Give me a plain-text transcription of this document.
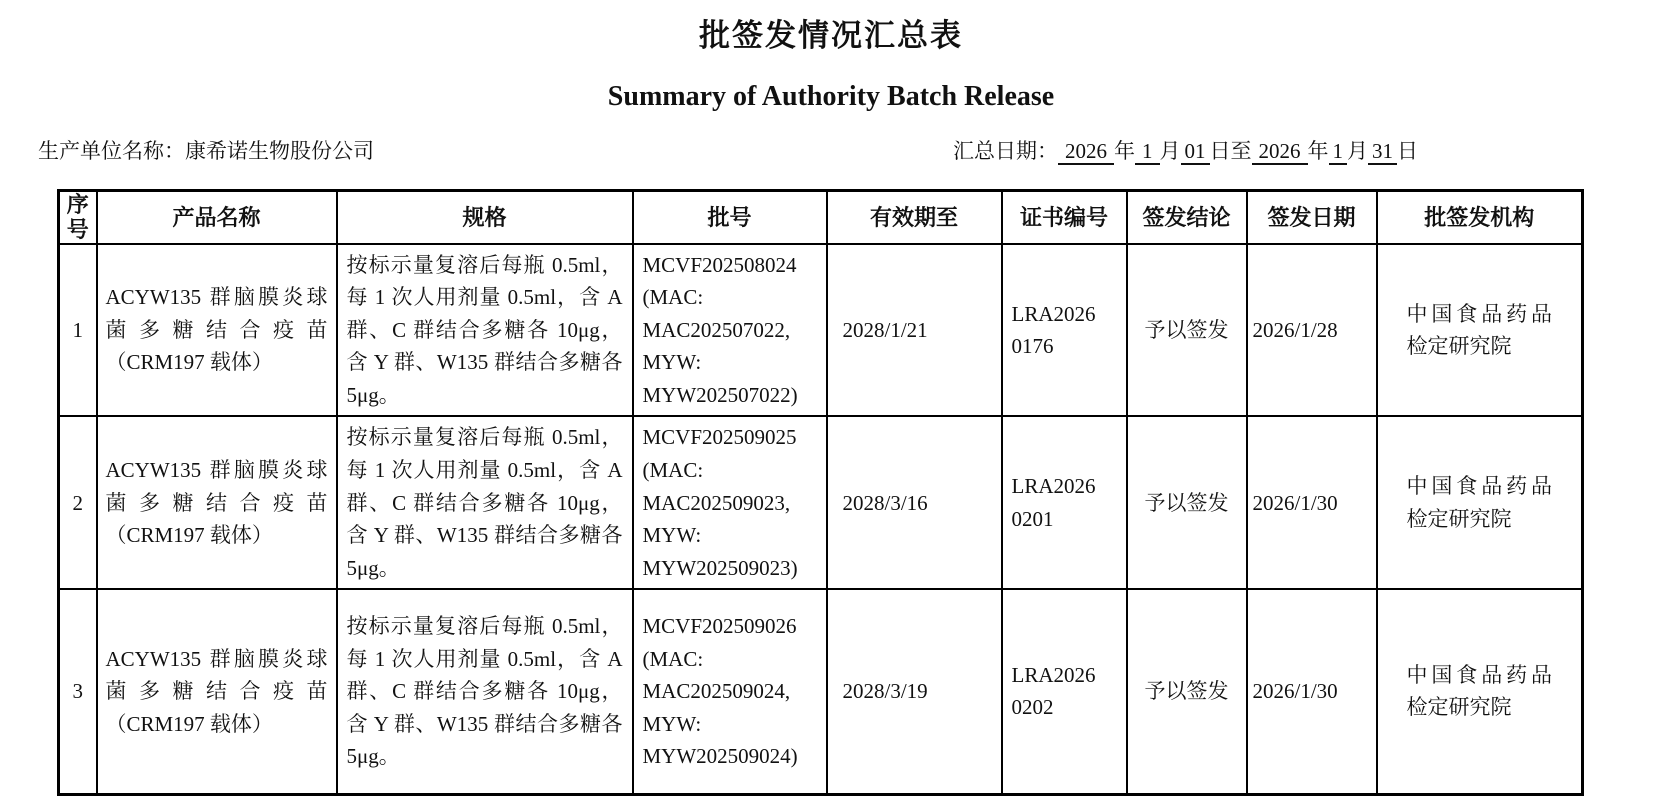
批签发情况汇总表
Summary of Authority Batch Release
生产单位名称：康希诺生物股份公司	汇总日期： 2026 年 1 月 01 日至 2026 年 1 月 31 日
序号	产品名称	规格	批号	有效期至	证书编号	签发结论	签发日期	批签发机构
1	ACYW135 群脑膜炎球菌多糖结合疫苗（CRM197 载体）	按标示量复溶后每瓶 0.5ml，每 1 次人用剂量 0.5ml，含 A 群、C 群结合多糖各 10μg，含 Y 群、W135 群结合多糖各 5μg。	MCVF202508024 (MAC: MAC202507022, MYW: MYW202507022)	2028/1/21	LRA20260176	予以签发	2026/1/28	中国食品药品检定研究院
2	ACYW135 群脑膜炎球菌多糖结合疫苗（CRM197 载体）	按标示量复溶后每瓶 0.5ml，每 1 次人用剂量 0.5ml，含 A 群、C 群结合多糖各 10μg，含 Y 群、W135 群结合多糖各 5μg。	MCVF202509025 (MAC: MAC202509023, MYW: MYW202509023)	2028/3/16	LRA20260201	予以签发	2026/1/30	中国食品药品检定研究院
3	ACYW135 群脑膜炎球菌多糖结合疫苗（CRM197 载体）	按标示量复溶后每瓶 0.5ml，每 1 次人用剂量 0.5ml，含 A 群、C 群结合多糖各 10μg，含 Y 群、W135 群结合多糖各 5μg。	MCVF202509026 (MAC: MAC202509024, MYW: MYW202509024)	2028/3/19	LRA20260202	予以签发	2026/1/30	中国食品药品检定研究院
